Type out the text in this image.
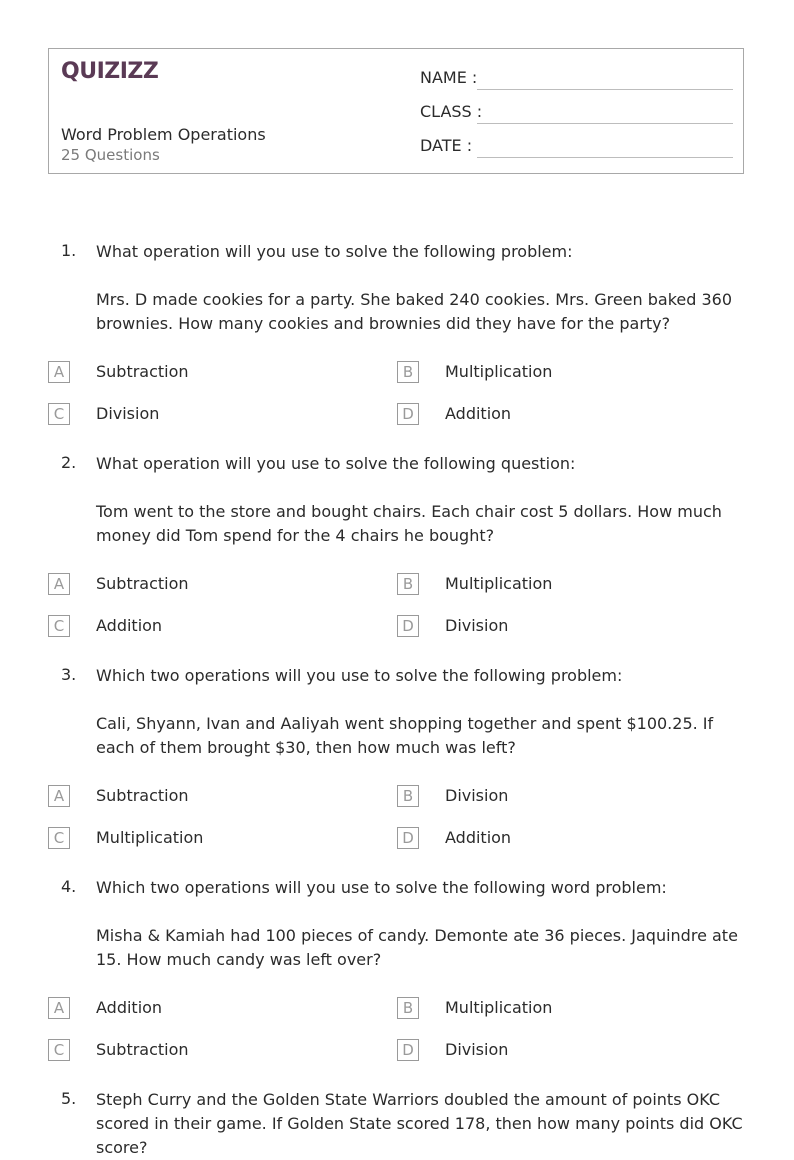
QUIZIZZ
Word Problem Operations
25 Questions
NAME :
CLASS :
DATE :
1. What operation will you use to solve the following problem:
Mrs. D made cookies for a party. She baked 240 cookies. Mrs. Green baked 360 brownies. How many cookies and brownies did they have for the party?
A	Subtraction	B	Multiplication
C	Division	D	Addition
2. What operation will you use to solve the following question:
Tom went to the store and bought chairs. Each chair cost 5 dollars. How much money did Tom spend for the 4 chairs he bought?
A	Subtraction	B	Multiplication
C	Addition	D	Division
3. Which two operations will you use to solve the following problem:
Cali, Shyann, Ivan and Aaliyah went shopping together and spent $100.25. If each of them brought $30, then how much was left?
A	Subtraction	B	Division
C	Multiplication	D	Addition
4. Which two operations will you use to solve the following word problem:
Misha & Kamiah had 100 pieces of candy. Demonte ate 36 pieces. Jaquindre ate 15. How much candy was left over?
A	Addition	B	Multiplication
C	Subtraction	D	Division
5. Steph Curry and the Golden State Warriors doubled the amount of points OKC scored in their game. If Golden State scored 178, then how many points did OKC score?
